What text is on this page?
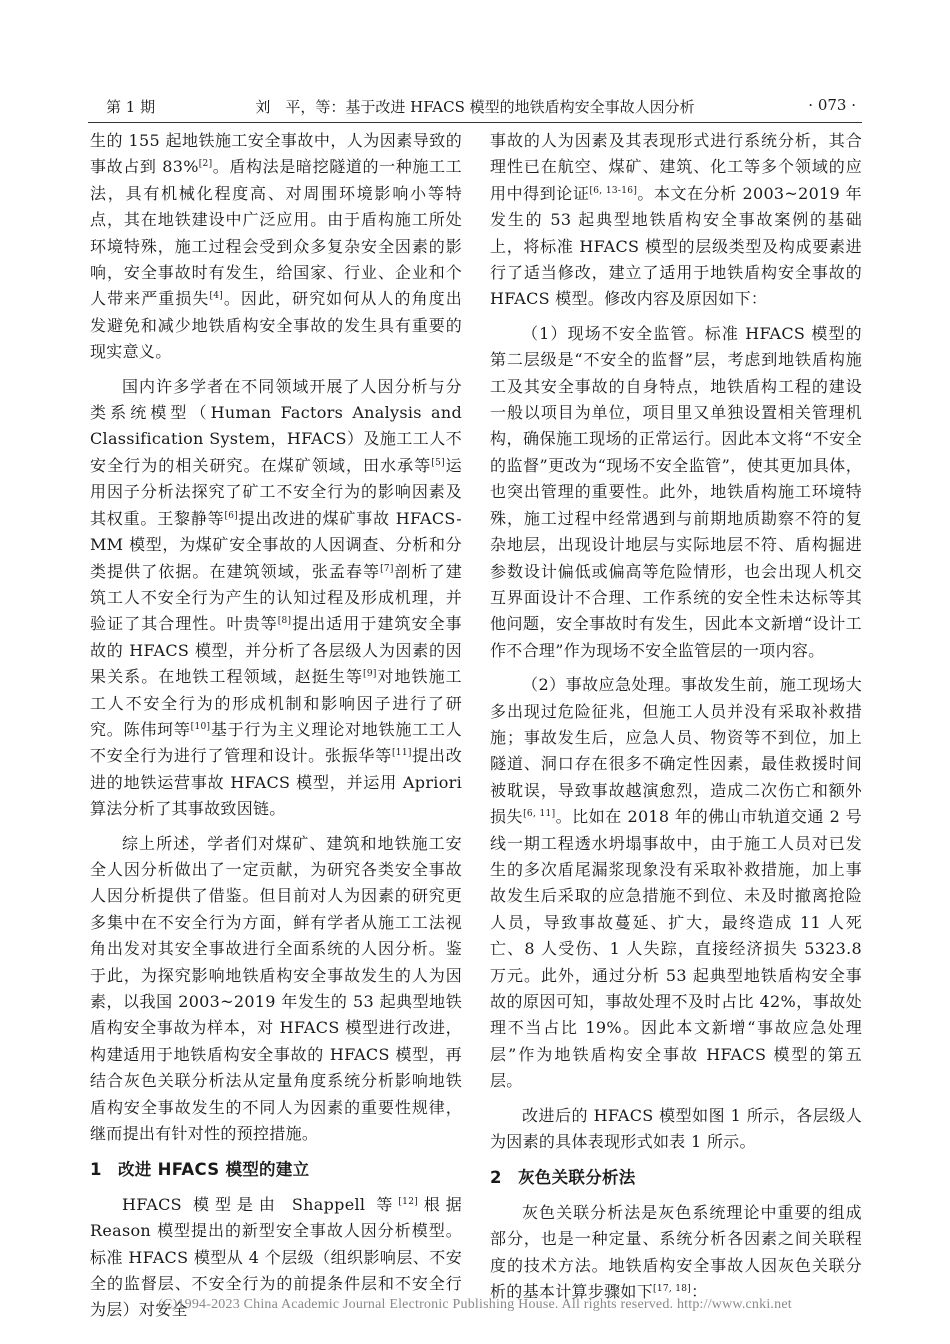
第 1 期	刘　平，等：基于改进 HFACS 模型的地铁盾构安全事故人因分析	· 073 ·

生的 155 起地铁施工安全事故中，人为因素导致的事故占到 83%[2]。盾构法是暗挖隧道的一种施工工法，具有机械化程度高、对周围环境影响小等特点，其在地铁建设中广泛应用。由于盾构施工所处环境特殊，施工过程会受到众多复杂安全因素的影响，安全事故时有发生，给国家、行业、企业和个人带来严重损失[4]。因此，研究如何从人的角度出发避免和减少地铁盾构安全事故的发生具有重要的现实意义。

国内许多学者在不同领域开展了人因分析与分类系统模型（Human Factors Analysis and Classification System，HFACS）及施工工人不安全行为的相关研究。在煤矿领域，田水承等[5]运用因子分析法探究了矿工不安全行为的影响因素及其权重。王黎静等[6]提出改进的煤矿事故 HFACS-MM 模型，为煤矿安全事故的人因调查、分析和分类提供了依据。在建筑领域，张孟春等[7]剖析了建筑工人不安全行为产生的认知过程及形成机理，并验证了其合理性。叶贵等[8]提出适用于建筑安全事故的 HFACS 模型，并分析了各层级人为因素的因果关系。在地铁工程领域，赵挺生等[9]对地铁施工工人不安全行为的形成机制和影响因子进行了研究。陈伟珂等[10]基于行为主义理论对地铁施工工人不安全行为进行了管理和设计。张振华等[11]提出改进的地铁运营事故 HFACS 模型，并运用 Apriori 算法分析了其事故致因链。

综上所述，学者们对煤矿、建筑和地铁施工安全人因分析做出了一定贡献，为研究各类安全事故人因分析提供了借鉴。但目前对人为因素的研究更多集中在不安全行为方面，鲜有学者从施工工法视角出发对其安全事故进行全面系统的人因分析。鉴于此，为探究影响地铁盾构安全事故发生的人为因素，以我国 2003~2019 年发生的 53 起典型地铁盾构安全事故为样本，对 HFACS 模型进行改进，构建适用于地铁盾构安全事故的 HFACS 模型，再结合灰色关联分析法从定量角度系统分析影响地铁盾构安全事故发生的不同人为因素的重要性规律，继而提出有针对性的预控措施。

1 改进 HFACS 模型的建立

HFACS 模型是由 Shappell 等[12]根据 Reason 模型提出的新型安全事故人因分析模型。标准 HFACS 模型从 4 个层级（组织影响层、不安全的监督层、不安全行为的前提条件层和不安全行为层）对安全

事故的人为因素及其表现形式进行系统分析，其合理性已在航空、煤矿、建筑、化工等多个领域的应用中得到论证[6, 13-16]。本文在分析 2003~2019 年发生的 53 起典型地铁盾构安全事故案例的基础上，将标准 HFACS 模型的层级类型及构成要素进行了适当修改，建立了适用于地铁盾构安全事故的 HFACS 模型。修改内容及原因如下：

（1）现场不安全监管。标准 HFACS 模型的第二层级是“不安全的监督”层，考虑到地铁盾构施工及其安全事故的自身特点，地铁盾构工程的建设一般以项目为单位，项目里又单独设置相关管理机构，确保施工现场的正常运行。因此本文将“不安全的监督”更改为“现场不安全监管”，使其更加具体，也突出管理的重要性。此外，地铁盾构施工环境特殊，施工过程中经常遇到与前期地质勘察不符的复杂地层，出现设计地层与实际地层不符、盾构掘进参数设计偏低或偏高等危险情形，也会出现人机交互界面设计不合理、工作系统的安全性未达标等其他问题，安全事故时有发生，因此本文新增“设计工作不合理”作为现场不安全监管层的一项内容。

（2）事故应急处理。事故发生前，施工现场大多出现过危险征兆，但施工人员并没有采取补救措施；事故发生后，应急人员、物资等不到位，加上隧道、洞口存在很多不确定性因素，最佳救援时间被耽误，导致事故越演愈烈，造成二次伤亡和额外损失[6, 11]。比如在 2018 年的佛山市轨道交通 2 号线一期工程透水坍塌事故中，由于施工人员对已发生的多次盾尾漏浆现象没有采取补救措施，加上事故发生后采取的应急措施不到位、未及时撤离抢险人员，导致事故蔓延、扩大，最终造成 11 人死亡、8 人受伤、1 人失踪，直接经济损失 5323.8 万元。此外，通过分析 53 起典型地铁盾构安全事故的原因可知，事故处理不及时占比 42%，事故处理不当占比 19%。因此本文新增“事故应急处理层”作为地铁盾构安全事故 HFACS 模型的第五层。

改进后的 HFACS 模型如图 1 所示，各层级人为因素的具体表现形式如表 1 所示。

2 灰色关联分析法

灰色关联分析法是灰色系统理论中重要的组成部分，也是一种定量、系统分析各因素之间关联程度的技术方法。地铁盾构安全事故人因灰色关联分析的基本计算步骤如下[17, 18]：

(C)1994-2023 China Academic Journal Electronic Publishing House. All rights reserved. http://www.cnki.net
